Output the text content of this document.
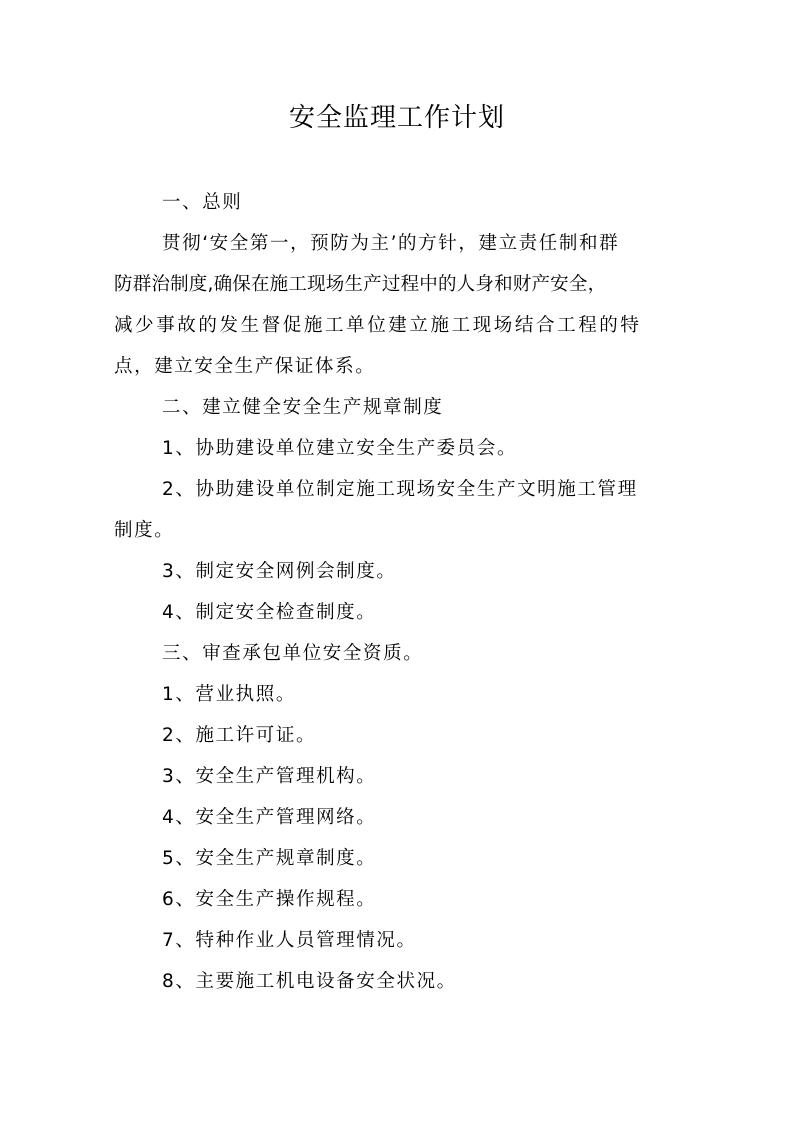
安全监理工作计划
一、总则
贯彻‘安全第一，预防为主’的方针，建立责任制和群
防群治制度,确保在施工现场生产过程中的人身和财产安全，
减少事故的发生督促施工单位建立施工现场结合工程的特
点，建立安全生产保证体系。
二、建立健全安全生产规章制度
1、协助建设单位建立安全生产委员会。
2、协助建设单位制定施工现场安全生产文明施工管理
制度。
3、制定安全网例会制度。
4、制定安全检查制度。
三、审查承包单位安全资质。
1、营业执照。
2、施工许可证。
3、安全生产管理机构。
4、安全生产管理网络。
5、安全生产规章制度。
6、安全生产操作规程。
7、特种作业人员管理情况。
8、主要施工机电设备安全状况。
